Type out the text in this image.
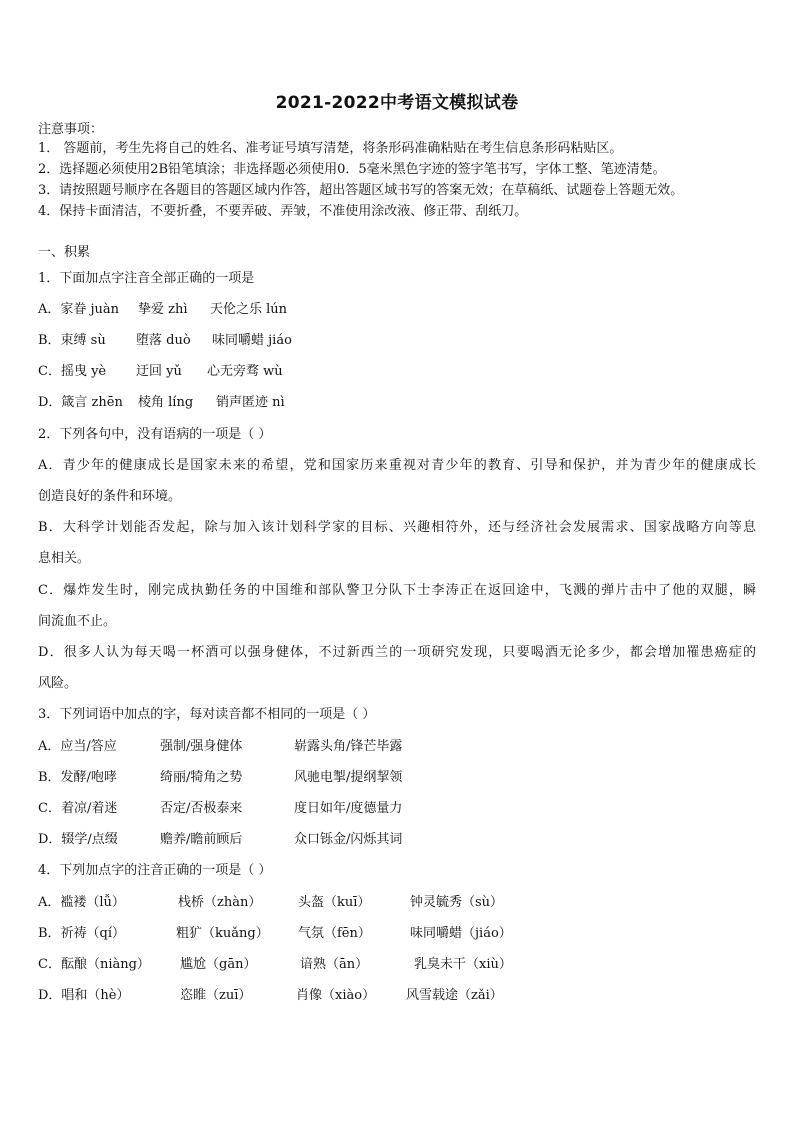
2021-2022中考语文模拟试卷
注意事项：
1． 答题前，考生先将自己的姓名、准考证号填写清楚，将条形码准确粘贴在考生信息条形码粘贴区。
2．选择题必须使用2B铅笔填涂；非选择题必须使用0．5毫米黑色字迹的签字笔书写，字体工整、笔迹清楚。
3．请按照题号顺序在各题目的答题区域内作答，超出答题区域书写的答案无效；在草稿纸、试题卷上答题无效。
4．保持卡面清洁，不要折叠，不要弄破、弄皱，不准使用涂改液、修正带、刮纸刀。
一、积累
1．下面加点字注音全部正确的一项是
A．家眷 juàn	挚爱 zhì	天伦之乐 lún
B．束缚 sù	堕落 duò	味同嚼蜡 jiáo
C．摇曳 yè	迂回 yǔ	心无旁骛 wù
D．箴言 zhēn	棱角 líng	销声匿迹 nì
2．下列各句中，没有语病的一项是（ ）
A．青少年的健康成长是国家未来的希望，党和国家历来重视对青少年的教育、引导和保护，并为青少年的健康成长
创造良好的条件和环境。
B．大科学计划能否发起，除与加入该计划科学家的目标、兴趣相符外，还与经济社会发展需求、国家战略方向等息
息相关。
C．爆炸发生时，刚完成执勤任务的中国维和部队警卫分队下士李涛正在返回途中，飞溅的弹片击中了他的双腿，瞬
间流血不止。
D．很多人认为每天喝一杯酒可以强身健体，不过新西兰的一项研究发现，只要喝酒无论多少，都会增加罹患癌症的
风险。
3．下列词语中加点的字，每对读音都不相同的一项是（ ）
A．应当/答应	强制/强身健体	崭露头角/锋芒毕露
B．发酵/咆哮	绮丽/犄角之势	风驰电掣/提纲挈领
C．着凉/着迷	否定/否极泰来	度日如年/度德量力
D．辍学/点缀	赡养/瞻前顾后	众口铄金/闪烁其词
4．下列加点字的注音正确的一项是（ ）
A．褴褛（lǚ）	栈桥（zhàn）	头盔（kuī）	钟灵毓秀（sù）
B．祈祷（qí）	粗犷（kuǎng）	气氛（fēn）	味同嚼蜡（jiáo）
C．酝酿（niàng）	尴尬（gān）	谙熟（ān）	乳臭未干（xiù）
D．唱和（hè）	恣睢（zuī）	肖像（xiào）	风雪载途（zǎi）
